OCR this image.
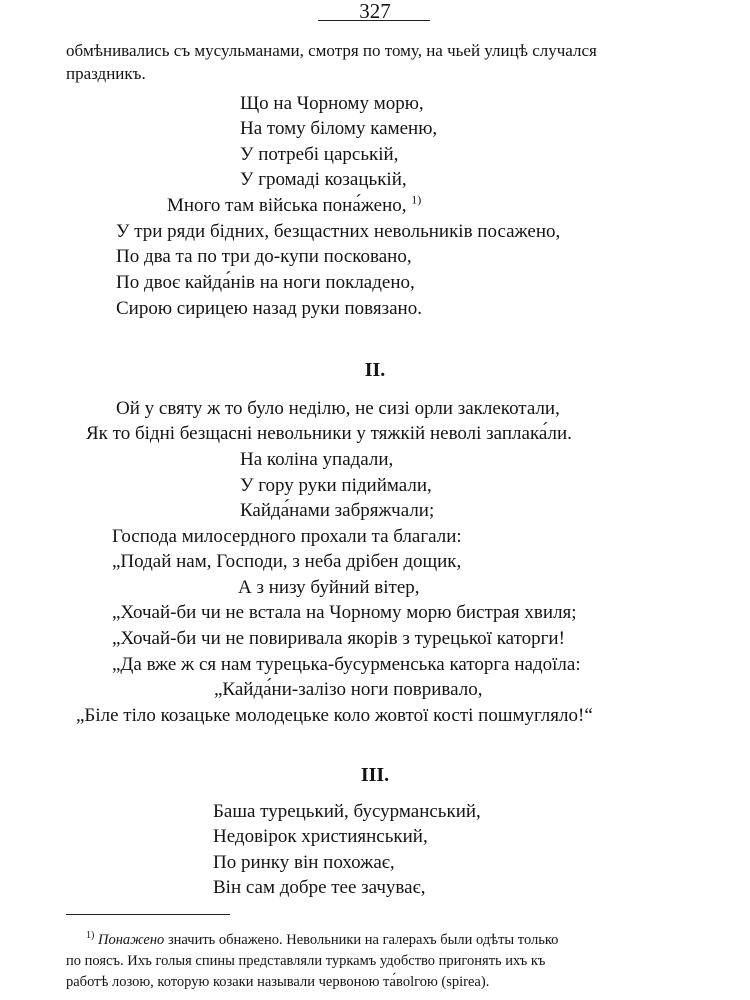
327

обмѣнивались съ мусульманами, смотря по тому, на чьей улицѣ случался
праздникъ.

Що на Чорному морю,
На тому білому каменю,
У потребі царській,
У громаді козацькій,
Много там війська пона́жено, $^{1)}$
У три ряди бідних, безщастних невольників посажено,
По два та по три до-купи посковано,
По двоє кайда́нів на ноги покладено,
Сирою сирицею назад руки повязано.
II.
Ой у святу ж то було неділю, не сизі орли заклекотали,
Як то бідні безщасні невольники у тяжкій неволі заплака́ли.
На коліна упадали,
У гору руки підиймали,
Кайда́нами забряжчали;
Господа милосердного прохали та благали:
„Подай нам, Господи, з неба дрібен дощик,
А з низу буйний вітер,
„Хочай-би чи не встала на Чорному морю бистрая хвиля;
„Хочай-би чи не повиривала якорів з турецької каторги!
„Да вже ж ся нам турецька-бусурменська каторга надоїла:
„Кайда́ни-залізо ноги повривало,
„Біле тіло козацьке молодецьке коло жовтої кості пошмугляло!“
III.
Баша турецький, бусурманський,
Недовірок християнський,
По ринку він похожає,
Він сам добре тее зачуває,
$^{1)}$ Понажено значить обнажено. Невольники на галерахъ были одѣты только
по поясъ. Ихъ голыя спины представляли туркамъ удобство пригонять ихъ къ
работѣ лозою, которую козаки называли червоною та́вolгою (spirea).
